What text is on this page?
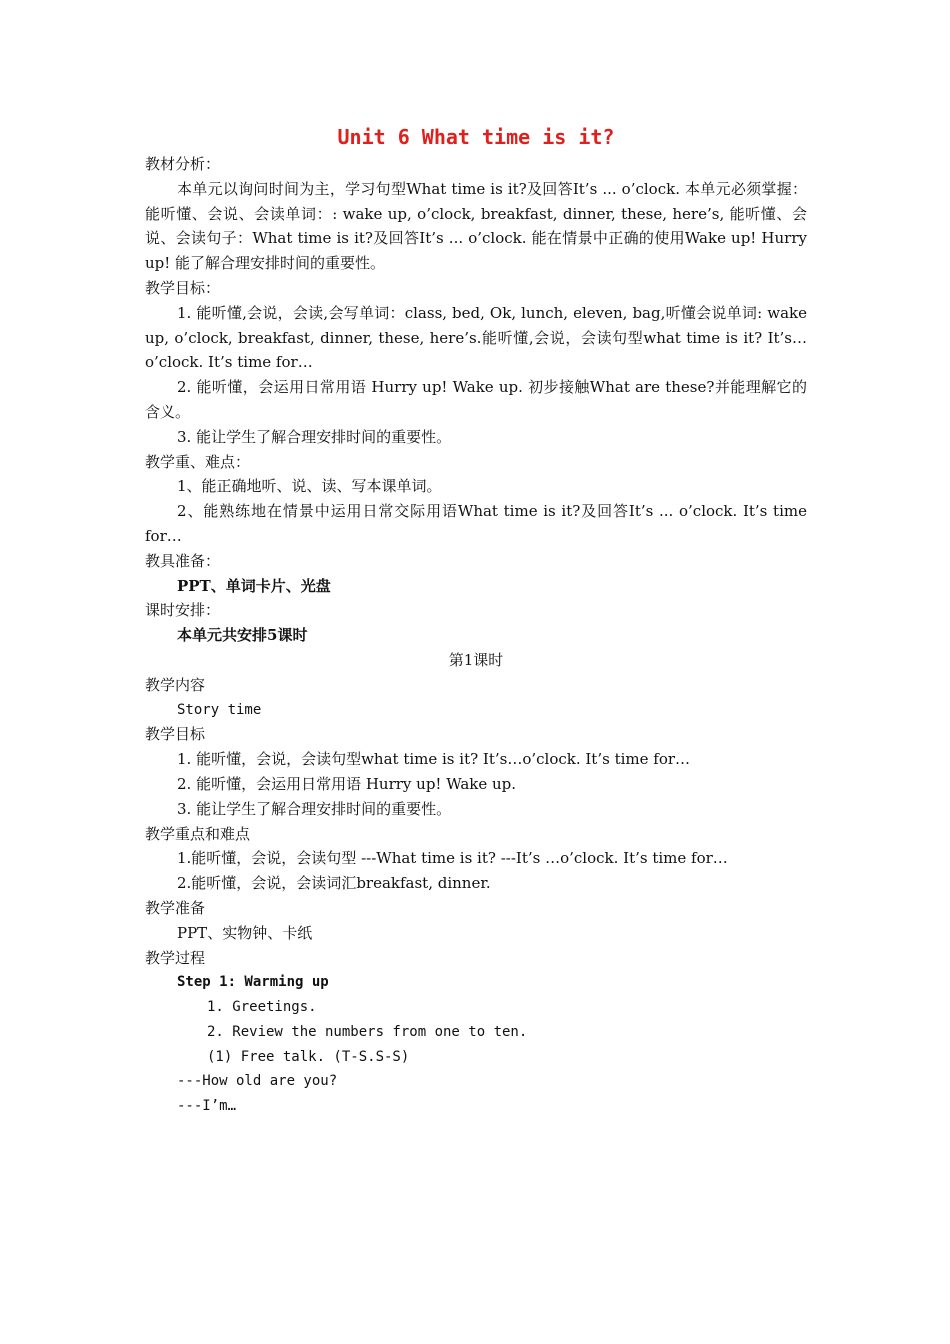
Unit 6 What time is it?

教材分析：

本单元以询问时间为主，学习句型What time is it?及回答It’s ... o’clock. 本单元必须掌握：能听懂、会说、会读单词：: wake up, o’clock, breakfast, dinner, these, here’s, 能听懂、会说、会读句子：What time is it?及回答It’s ... o’clock. 能在情景中正确的使用Wake up! Hurry up! 能了解合理安排时间的重要性。

教学目标：

1. 能听懂,会说，会读,会写单词：class, bed, Ok, lunch, eleven, bag,听懂会说单词: wake up, o’clock, breakfast, dinner, these, here’s.能听懂,会说，会读句型what time is it? It’s…o’clock. It’s time for…

2. 能听懂，会运用日常用语 Hurry up! Wake up. 初步接触What are these?并能理解它的含义。

3. 能让学生了解合理安排时间的重要性。

教学重、难点：

1、能正确地听、说、读、写本课单词。

2、能熟练地在情景中运用日常交际用语What time is it?及回答It’s ... o’clock. It’s time for…

教具准备：

PPT、单词卡片、光盘

课时安排：

本单元共安排5课时

第1课时

教学内容

Story time

教学目标

1. 能听懂，会说，会读句型what time is it? It’s…o’clock. It’s time for…

2. 能听懂，会运用日常用语 Hurry up! Wake up.

3. 能让学生了解合理安排时间的重要性。

教学重点和难点

1.能听懂，会说，会读句型 ---What time is it? ---It’s …o’clock. It’s time for…

2.能听懂，会说，会读词汇breakfast, dinner.

教学准备

PPT、实物钟、卡纸

教学过程

Step 1: Warming up

1. Greetings.

2. Review the numbers from one to ten.

(1) Free talk. (T-S.S-S)

---How old are you?

---I’m…
